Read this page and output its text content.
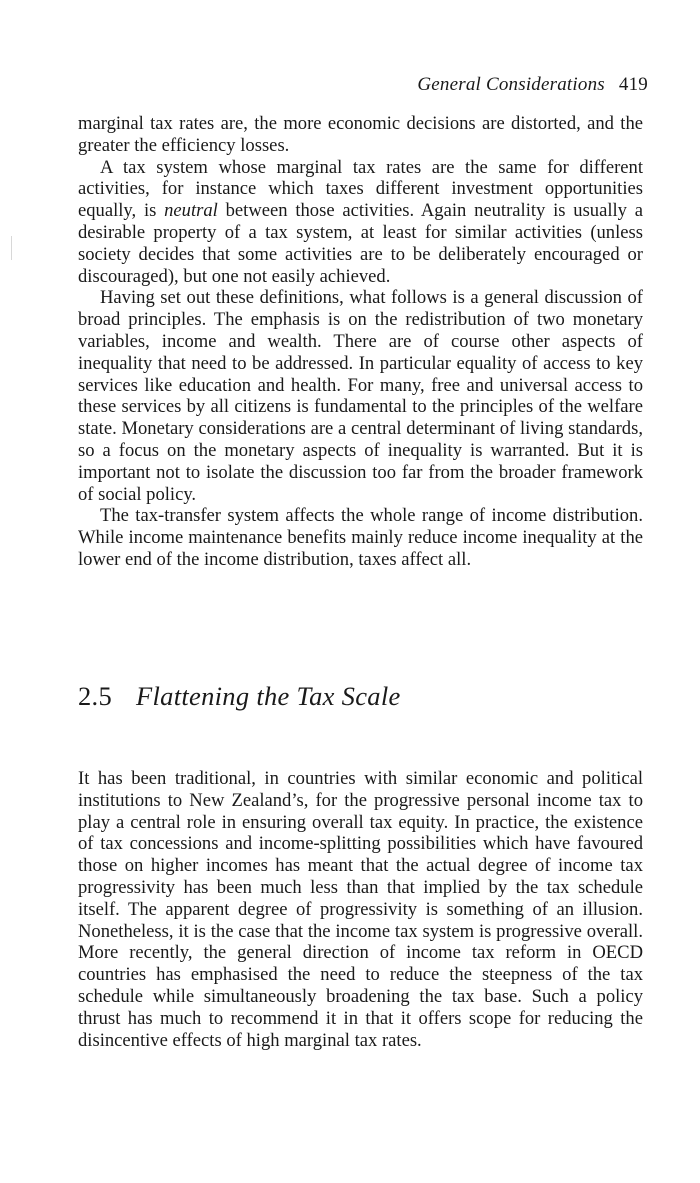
General Considerations 419

marginal tax rates are, the more economic decisions are distorted, and the greater the efficiency losses.

A tax system whose marginal tax rates are the same for different activities, for instance which taxes different investment opportunities equally, is neutral between those activities. Again neutrality is usually a desirable property of a tax system, at least for similar activities (unless society decides that some activities are to be deliberately encouraged or discouraged), but one not easily achieved.

Having set out these definitions, what follows is a general discussion of broad principles. The emphasis is on the redistribution of two monetary variables, income and wealth. There are of course other aspects of inequality that need to be addressed. In particular equality of access to key services like education and health. For many, free and universal access to these services by all citizens is fundamental to the principles of the welfare state. Monetary considerations are a central determinant of living standards, so a focus on the monetary aspects of inequality is warranted. But it is important not to isolate the discussion too far from the broader framework of social policy.

The tax-transfer system affects the whole range of income distribution. While income maintenance benefits mainly reduce income inequality at the lower end of the income distribution, taxes affect all.

2.5 Flattening the Tax Scale

It has been traditional, in countries with similar economic and political institutions to New Zealand’s, for the progressive personal income tax to play a central role in ensuring overall tax equity. In practice, the existence of tax concessions and income-splitting possibilities which have favoured those on higher incomes has meant that the actual degree of income tax progressivity has been much less than that implied by the tax schedule itself. The apparent degree of progressivity is something of an illusion. Nonetheless, it is the case that the income tax system is progressive overall. More recently, the general direction of income tax reform in OECD countries has emphasised the need to reduce the steepness of the tax schedule while simultaneously broadening the tax base. Such a policy thrust has much to recommend it in that it offers scope for reducing the disincentive effects of high marginal tax rates.
